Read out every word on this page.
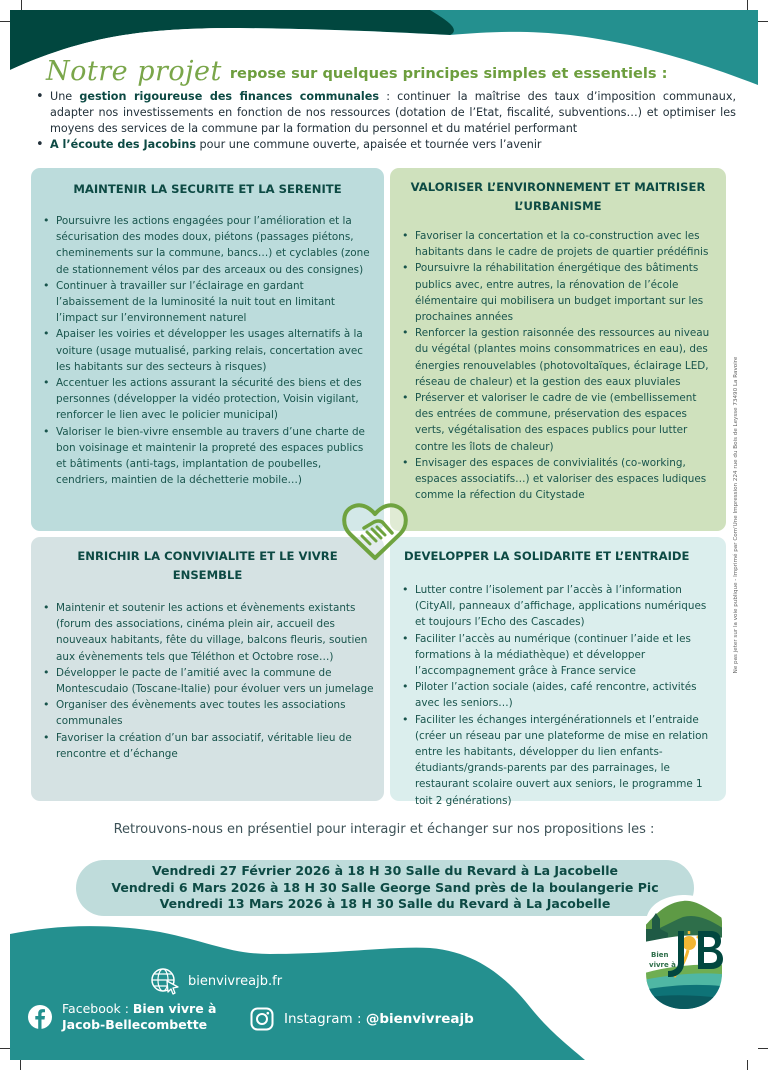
Notre projet repose sur quelques principes simples et essentiels :
• Une gestion rigoureuse des finances communales : continuer la maîtrise des taux d’imposition communaux, adapter nos investissements en fonction de nos ressources (dotation de l’Etat, fiscalité, subventions…) et optimiser les moyens des services de la commune par la formation du personnel et du matériel performant
• A l’écoute des Jacobins pour une commune ouverte, apaisée et tournée vers l’avenir
MAINTENIR LA SECURITE ET LA SERENITE
• Poursuivre les actions engagées pour l’amélioration et la sécurisation des modes doux, piétons (passages piétons, cheminements sur la commune, bancs…) et cyclables (zone de stationnement vélos par des arceaux ou des consignes)
• Continuer à travailler sur l’éclairage en gardant l’abaissement de la luminosité la nuit tout en limitant l’impact sur l’environnement naturel
• Apaiser les voiries et développer les usages alternatifs à la voiture (usage mutualisé, parking relais, concertation avec les habitants sur des secteurs à risques)
• Accentuer les actions assurant la sécurité des biens et des personnes (développer la vidéo protection, Voisin vigilant, renforcer le lien avec le policier municipal)
• Valoriser le bien-vivre ensemble au travers d’une charte de bon voisinage et maintenir la propreté des espaces publics et bâtiments (anti-tags, implantation de poubelles, cendriers, maintien de la déchetterie mobile…)
VALORISER L’ENVIRONNEMENT ET MAITRISER L’URBANISME
• Favoriser la concertation et la co-construction avec les habitants dans le cadre de projets de quartier prédéfinis
• Poursuivre la réhabilitation énergétique des bâtiments publics avec, entre autres, la rénovation de l’école élémentaire qui mobilisera un budget important sur les prochaines années
• Renforcer la gestion raisonnée des ressources au niveau du végétal (plantes moins consommatrices en eau), des énergies renouvelables (photovoltaïques, éclairage LED, réseau de chaleur) et la gestion des eaux pluviales
• Préserver et valoriser le cadre de vie (embellissement des entrées de commune, préservation des espaces verts, végétalisation des espaces publics pour lutter contre les îlots de chaleur)
• Envisager des espaces de convivialités (co-working, espaces associatifs…) et valoriser des espaces ludiques comme la réfection du Citystade
ENRICHIR LA CONVIVIALITE ET LE VIVRE ENSEMBLE
• Maintenir et soutenir les actions et évènements existants (forum des associations, cinéma plein air, accueil des nouveaux habitants, fête du village, balcons fleuris, soutien aux évènements tels que Téléthon et Octobre rose…)
• Développer le pacte de l’amitié avec la commune de Montescudaio (Toscane-Italie) pour évoluer vers un jumelage
• Organiser des évènements avec toutes les associations communales
• Favoriser la création d’un bar associatif, véritable lieu de rencontre et d’échange
DEVELOPPER LA SOLIDARITE ET L’ENTRAIDE
• Lutter contre l’isolement par l’accès à l’information (CityAll, panneaux d’affichage, applications numériques et toujours l’Echo des Cascades)
• Faciliter l’accès au numérique (continuer l’aide et les formations à la médiathèque) et développer l’accompagnement grâce à France service
• Piloter l’action sociale (aides, café rencontre, activités avec les seniors…)
• Faciliter les échanges intergénérationnels et l’entraide (créer un réseau par une plateforme de mise en relation entre les habitants, développer du lien enfants-étudiants/grands-parents par des parrainages, le restaurant scolaire ouvert aux seniors, le programme 1 toit 2 générations)
Ne pas jeter sur la voie publique - Imprimé par Com'Une Impression 224 rue du Bois de Leysse 73490 La Ravoire
Retrouvons-nous en présentiel pour interagir et échanger sur nos propositions les :
Vendredi 27 Février 2026 à 18 H 30 Salle du Revard à La Jacobelle
Vendredi 6 Mars 2026 à 18 H 30 Salle George Sand près de la boulangerie Pic
Vendredi 13 Mars 2026 à 18 H 30 Salle du Revard à La Jacobelle
bienvivreajb.fr
Facebook : Bien vivre à
Jacob-Bellecombette	Instagram : @bienvivreajb
Bien
vivre à
